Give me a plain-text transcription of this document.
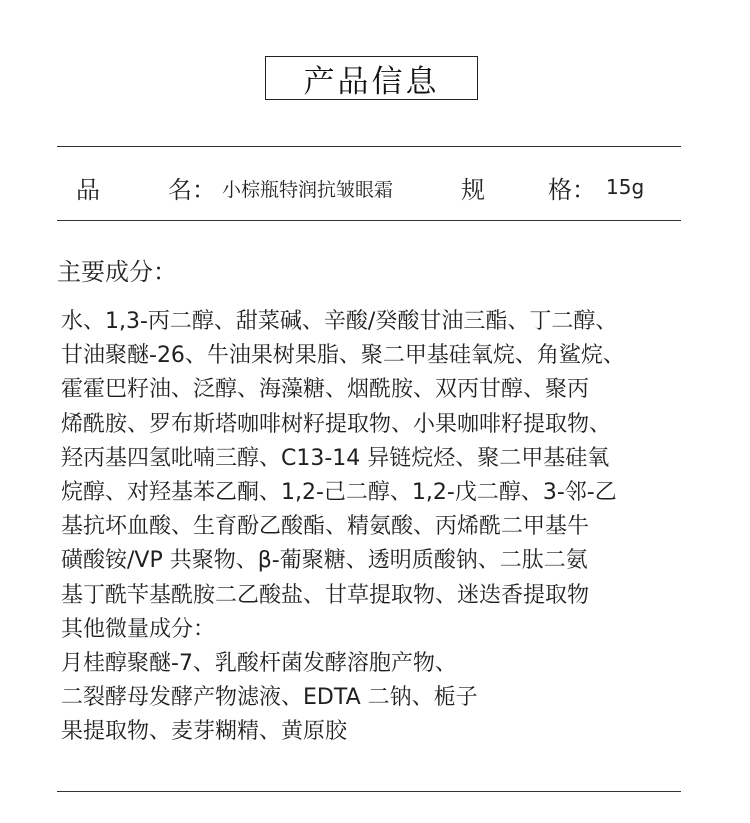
产品信息
品	名： 小棕瓶特润抗皱眼霜	规	格： 15g
主要成分：
水、1,3-丙二醇、甜菜碱、辛酸/癸酸甘油三酯、丁二醇、
甘油聚醚-26、牛油果树果脂、聚二甲基硅氧烷、角鲨烷、
霍霍巴籽油、泛醇、海藻糖、烟酰胺、双丙甘醇、聚丙
烯酰胺、罗布斯塔咖啡树籽提取物、小果咖啡籽提取物、
羟丙基四氢吡喃三醇、C13-14 异链烷烃、聚二甲基硅氧
烷醇、对羟基苯乙酮、1,2-己二醇、1,2-戊二醇、3-邻-乙
基抗坏血酸、生育酚乙酸酯、精氨酸、丙烯酰二甲基牛
磺酸铵/VP 共聚物、β-葡聚糖、透明质酸钠、二肽二氨
基丁酰苄基酰胺二乙酸盐、甘草提取物、迷迭香提取物
其他微量成分：
月桂醇聚醚-7、乳酸杆菌发酵溶胞产物、
二裂酵母发酵产物滤液、EDTA 二钠、栀子
果提取物、麦芽糊精、黄原胶
